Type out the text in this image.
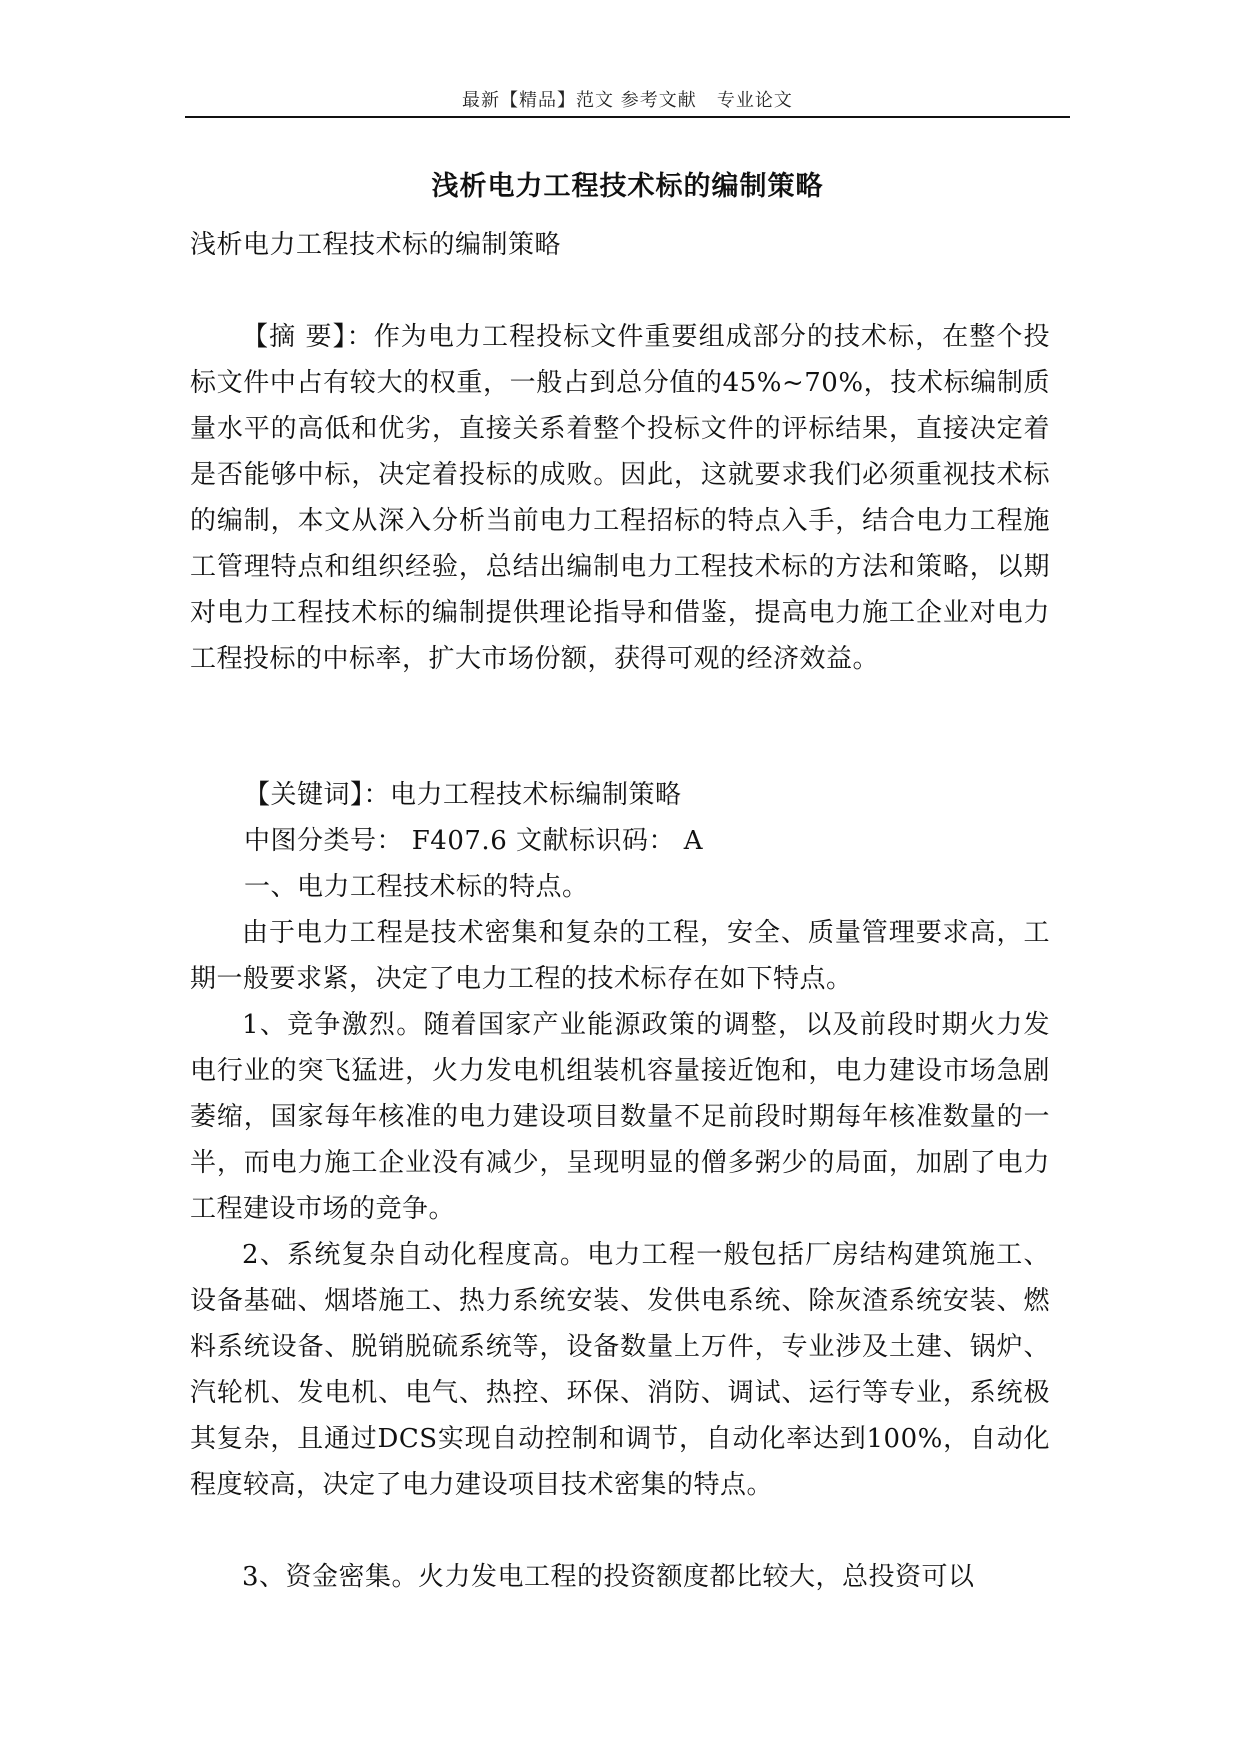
最新【精品】范文 参考文献   专业论文
浅析电力工程技术标的编制策略
浅析电力工程技术标的编制策略
【摘 要】：作为电力工程投标文件重要组成部分的技术标，在整个投标文件中占有较大的权重，一般占到总分值的45%~70%，技术标编制质量水平的高低和优劣，直接关系着整个投标文件的评标结果，直接决定着是否能够中标，决定着投标的成败。因此，这就要求我们必须重视技术标的编制，本文从深入分析当前电力工程招标的特点入手，结合电力工程施工管理特点和组织经验，总结出编制电力工程技术标的方法和策略，以期对电力工程技术标的编制提供理论指导和借鉴，提高电力施工企业对电力工程投标的中标率，扩大市场份额，获得可观的经济效益。
【关键词】：电力工程技术标编制策略
中图分类号： F407.6 文献标识码： A
一、电力工程技术标的特点。
由于电力工程是技术密集和复杂的工程，安全、质量管理要求高，工期一般要求紧，决定了电力工程的技术标存在如下特点。
1、竞争激烈。随着国家产业能源政策的调整，以及前段时期火力发电行业的突飞猛进，火力发电机组装机容量接近饱和，电力建设市场急剧萎缩，国家每年核准的电力建设项目数量不足前段时期每年核准数量的一半，而电力施工企业没有减少，呈现明显的僧多粥少的局面，加剧了电力工程建设市场的竞争。
2、系统复杂自动化程度高。电力工程一般包括厂房结构建筑施工、设备基础、烟塔施工、热力系统安装、发供电系统、除灰渣系统安装、燃料系统设备、脱销脱硫系统等，设备数量上万件，专业涉及土建、锅炉、汽轮机、发电机、电气、热控、环保、消防、调试、运行等专业，系统极其复杂，且通过DCS实现自动控制和调节，自动化率达到100%，自动化程度较高，决定了电力建设项目技术密集的特点。
3、资金密集。火力发电工程的投资额度都比较大，总投资可以
